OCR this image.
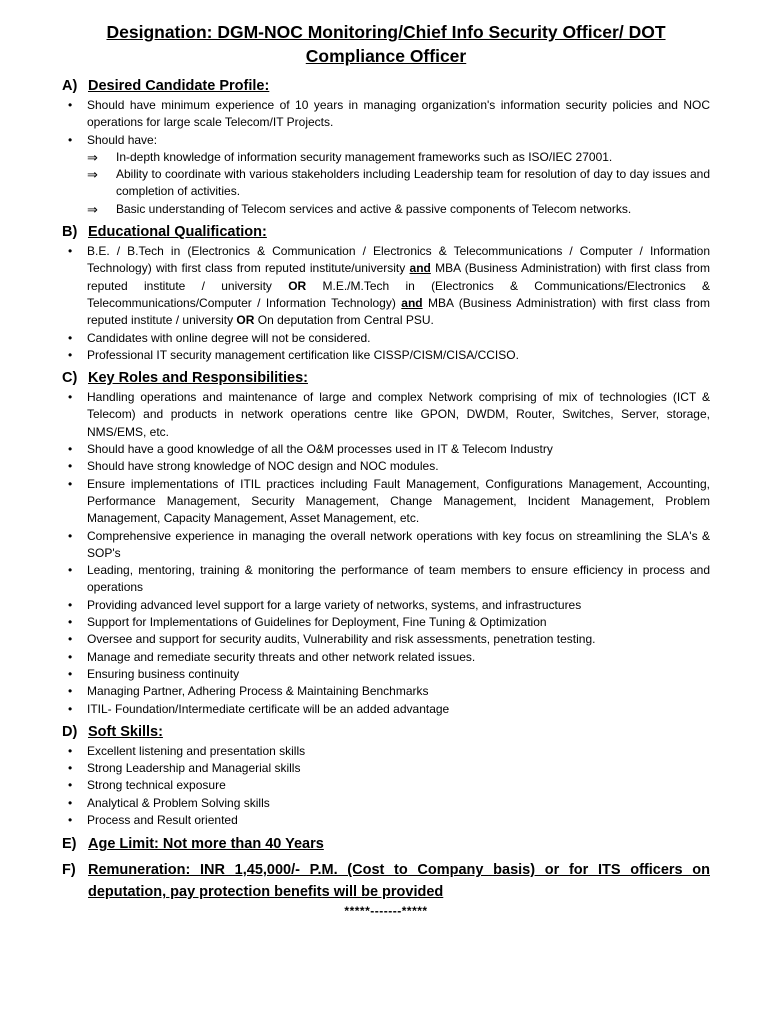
Designation: DGM-NOC Monitoring/Chief Info Security Officer/ DOT Compliance Officer
A) Desired Candidate Profile:
• Should have minimum experience of 10 years in managing organization's information security policies and NOC operations for large scale Telecom/IT Projects.
• Should have:
⇒ In-depth knowledge of information security management frameworks such as ISO/IEC 27001.
⇒ Ability to coordinate with various stakeholders including Leadership team for resolution of day to day issues and completion of activities.
⇒ Basic understanding of Telecom services and active & passive components of Telecom networks.
B) Educational Qualification:
• B.E. / B.Tech in (Electronics & Communication / Electronics & Telecommunications / Computer / Information Technology) with first class from reputed institute/university and MBA (Business Administration) with first class from reputed institute / university OR M.E./M.Tech in (Electronics & Communications/Electronics & Telecommunications/Computer / Information Technology) and MBA (Business Administration) with first class from reputed institute / university OR On deputation from Central PSU.
• Candidates with online degree will not be considered.
• Professional IT security management certification like CISSP/CISM/CISA/CCISO.
C) Key Roles and Responsibilities:
• Handling operations and maintenance of large and complex Network comprising of mix of technologies (ICT & Telecom) and products in network operations centre like GPON, DWDM, Router, Switches, Server, storage, NMS/EMS, etc.
• Should have a good knowledge of all the O&M processes used in IT & Telecom Industry
• Should have strong knowledge of NOC design and NOC modules.
• Ensure implementations of ITIL practices including Fault Management, Configurations Management, Accounting, Performance Management, Security Management, Change Management, Incident Management, Problem Management, Capacity Management, Asset Management, etc.
• Comprehensive experience in managing the overall network operations with key focus on streamlining the SLA's & SOP's
• Leading, mentoring, training & monitoring the performance of team members to ensure efficiency in process and operations
• Providing advanced level support for a large variety of networks, systems, and infrastructures
• Support for Implementations of Guidelines for Deployment, Fine Tuning & Optimization
• Oversee and support for security audits, Vulnerability and risk assessments, penetration testing.
• Manage and remediate security threats and other network related issues.
• Ensuring business continuity
• Managing Partner, Adhering Process & Maintaining Benchmarks
• ITIL- Foundation/Intermediate certificate will be an added advantage
D) Soft Skills:
• Excellent listening and presentation skills
• Strong Leadership and Managerial skills
• Strong technical exposure
• Analytical & Problem Solving skills
• Process and Result oriented
E) Age Limit: Not more than 40 Years
F) Remuneration: INR 1,45,000/- P.M. (Cost to Company basis) or for ITS officers on deputation, pay protection benefits will be provided
*****-------*****
